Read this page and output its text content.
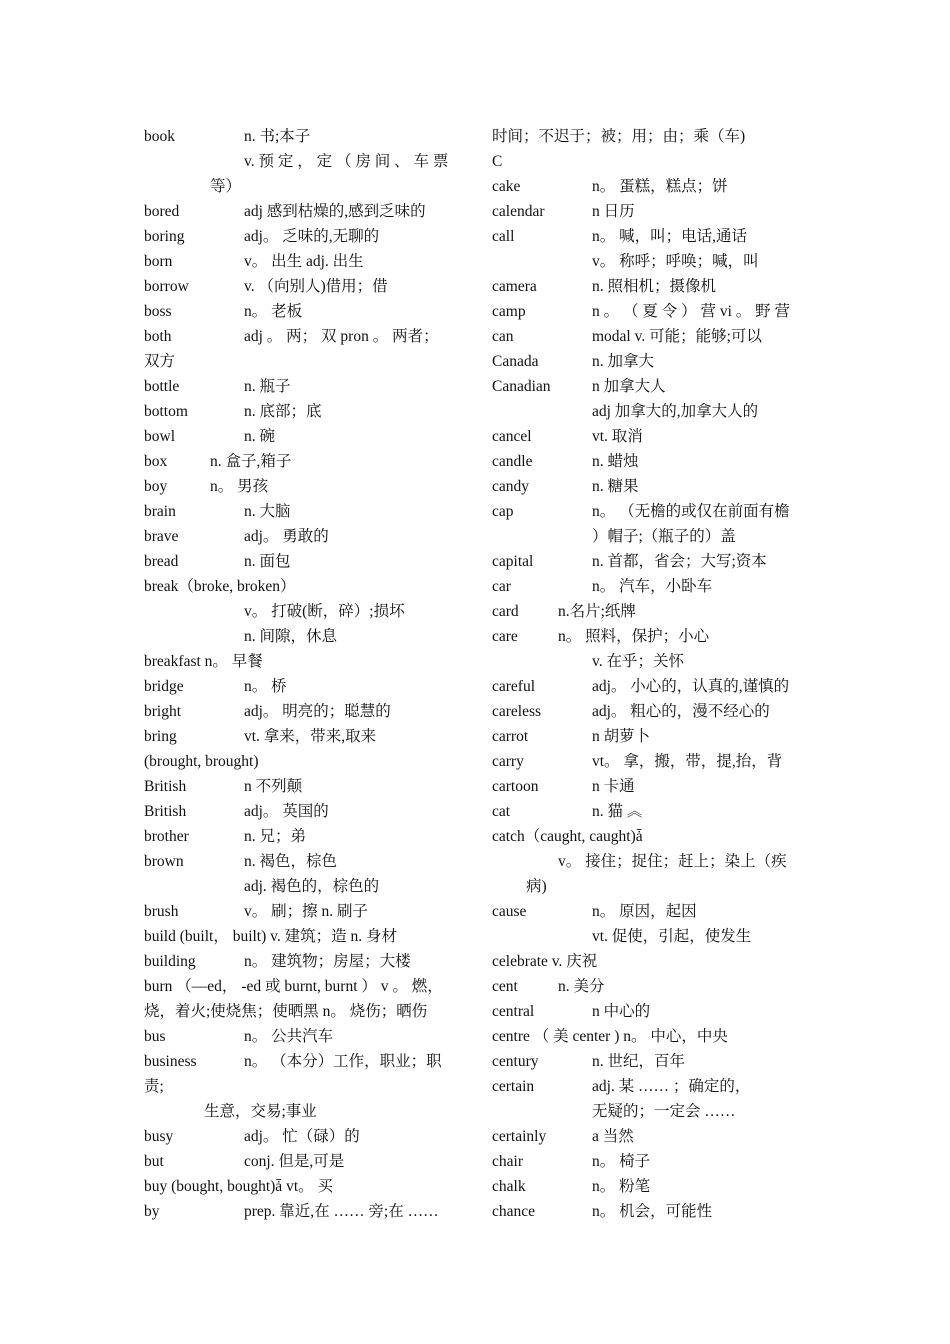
book	n. 书;本子
v. 预 定 ， 定 （ 房 间 、 车 票
等）
bored	adj 感到枯燥的,感到乏味的
boring	adj。 乏味的,无聊的
born	v。 出生 adj. 出生
borrow	v. （向别人)借用；借
boss	n。 老板
both	adj 。 两； 双 pron 。 两者；
双方
bottle	n. 瓶子
bottom	n. 底部；底
bowl	n. 碗
box	n. 盒子,箱子
boy	n。 男孩
brain	n. 大脑
brave	adj。 勇敢的
bread	n. 面包
break（broke, broken）
v。 打破(断，碎）;损坏
n. 间隙，休息
breakfast n。 早餐
bridge	n。 桥
bright	adj。 明亮的；聪慧的
bring	vt. 拿来，带来,取来
(brought, brought)
British	n 不列颠
British	adj。 英国的
brother	n. 兄；弟
brown	n. 褐色，棕色
adj. 褐色的，棕色的
brush	v。 刷；擦 n. 刷子
build (built， built) v. 建筑；造 n. 身材
building	n。 建筑物；房屋；大楼
burn （—ed， -ed 或 burnt, burnt ） v 。 燃，
烧，着火;使烧焦；使晒黑 n。 烧伤；晒伤
bus	n。 公共汽车
business	n。 （本分）工作，职业；职
责;
生意，交易;事业
busy	adj。 忙（碌）的
but	conj. 但是,可是
buy (bought, bought)ǡ vt。 买
by	prep. 靠近,在 …… 旁;在 ……
时间；不迟于；被；用；由；乘（车)
C
cake	n。 蛋糕，糕点；饼
calendar	n 日历
call	n。 喊，叫；电话,通话
v。 称呼；呼唤；喊，叫
camera	n. 照相机；摄像机
camp	n 。 （ 夏 令 ） 营 vi 。 野 营
can	modal v. 可能；能够;可以
Canada	n. 加拿大
Canadian	n 加拿大人
adj 加拿大的,加拿大人的
cancel	vt. 取消
candle	n. 蜡烛
candy	n. 糖果
cap	n。 （无檐的或仅在前面有檐
）帽子;（瓶子的）盖
capital	n. 首都，省会；大写;资本
car	n。 汽车，小卧车
card	n.名片;纸牌
care	n。 照料，保护；小心
v. 在乎；关怀
careful	adj。 小心的，认真的,谨慎的
careless	adj。 粗心的，漫不经心的
carrot	n 胡萝卜
carry	vt。 拿，搬，带，提,抬，背
cartoon	n 卡通
cat	n. 猫 ︽
catch（caught, caught)ǡ
v。 接住；捉住；赶上；染上（疾
病)
cause	n。 原因，起因
vt. 促使，引起，使发生
celebrate v. 庆祝
cent	n. 美分
central	n 中心的
centre （ 美 center ) n。 中心，中央
century	n. 世纪，百年
certain	adj. 某 …… ；确定的，
无疑的；一定会 ……
certainly	a 当然
chair	n。 椅子
chalk	n。 粉笔
chance	n。 机会，可能性
